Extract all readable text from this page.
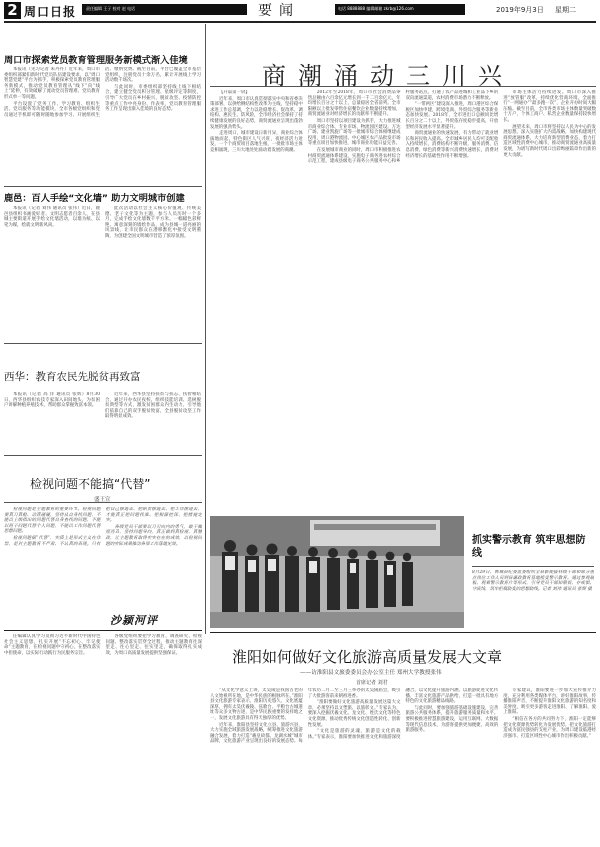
2 周口日报 责任编辑 王子 校对 赵 电话	要闻	电话 8888888 编辑邮箱 zkrb@126.com	2019年9月3日 星期二
周口市探索党员教育管理服务新模式渐入佳境

本报讯（见习记者 朱丹丹）近年来，周口市委组织部紧扣新时代党员队伍建设要求，以“周口智慧党建”平台为抓手，积极探索党员教育管理服务新模式，推动党员教育管理从“线下”向“线上”延伸，有效破解了流动党员管理难、党员教育形式单一等问题。

平台设置了党务工作、学习教育、组织生活、党员服务等功能模块，全市各级党组织和党员通过手机即可随时随地参加学习、开展组织生活、缴纳党费。截至目前，平台已覆盖全市基层党组织，注册党员十余万名，累计开展线上学习活动数千场次。

与此同时，市委组织部坚持线上线下相结合，建立健全党员积分管理、星级评定等制度，引导广大党员在乡村振兴、脱贫攻坚、疫情防控等重点工作中亮身份、作表率，党员教育管理服务工作呈现出渐入佳境的良好态势。

鹿邑：百人手绘“文化墙” 助力文明城市创建

本报讯（记者 刘伟 通讯员 张伟）近日，鹿邑县组织书画爱好者、文明志愿者百余人，在县城主要街道开展手绘文化墙活动，以墙为纸、以笔为媒，绘就文明新风尚。

此次活动以社会主义核心价值观、传统美德、老子文化等为主题，参与人员历时一个多月，完成手绘文化墙数千平方米。一幅幅色彩鲜艳、寓意深刻的墙绘作品，成为县城一道亮丽的风景线，让市民群众在潜移默化中接受文明熏陶，为创建全国文明城市营造了浓厚氛围。

西华：教育农民先脱贫再致富

本报讯（记者 高 洋 通讯员 张辉）8月30日，西华县组织农技专家深入田间地头，为贫困户讲解种植养殖技术，帮助群众掌握致富本领。

近年来，西华县坚持扶贫与扶志、扶智相结合，通过开办农民夜校、组织技能培训、选树脱贫典型等方式，激发贫困群众内生动力，引导他们依靠自己的双手脱贫致富，全县脱贫攻坚工作取得明显成效。

检视问题不能搞“代替”
盛王宣

检视问题是主题教育的重要环节。检视问题要真刀真枪、动真碰硬，坚持从自身找问题，不能以上级指出的问题代替自身查找的问题，不能以班子问题代替个人问题，不能以工作问题代替思想问题。

检视问题搞“代替”，实质上是形式主义在作祟，是对主题教育不严肃、不认真的表现。只有把自己摆进去、把职责摆进去、把工作摆进去，才能真正把问题找准、把根源挖深、把措施定实。

各级党员干部要以刀刃向内的勇气，敢于揭短亮丑，坚持问题导向，真正做到真检视、真整改，让主题教育取得实实在在的成效，以检视问题的实际成果推动各项工作落地见效。

沙颍河评

任编辑认真学习贯彻习近平新时代中国特色社会主义思想，扎实开展“不忘初心、牢记使命”主题教育，在检视问题中守初心，在整改落实中担使命，以实际行动践行为民服务宗旨。

各级党组织要把学习教育、调查研究、检视问题、整改落实贯穿全过程，推动主题教育往深里走、往心里走、往实里走，确保取得扎实成效，为周口高质量发展提供坚强保证。

商潮涌动三川兴

【开篇第一屏】

近年来，周口市认真贯彻落实中央和省委决策部署，以供给侧结构性改革为主线，坚持稳中求进工作总基调，全力以赴稳增长、促改革、调结构、惠民生、防风险，全市经济社会保持了持续健康发展的良好态势，商贸流通业呈现出蓬勃发展的强劲势头。

走进周口，城市建设日新月异，商业综合体拔地而起，特色街区人气兴旺，夜经济活力迸发，一个个商贸项目落地生根，一批批市场主体竞相涌现，三川大地处处涌动着发展的商潮。

2012年至2018年，周口市社会消费品零售总额由六百余亿元增长到一千二百余亿元，年均增长百分之十以上，总量稳居全省前列。全市限额以上批发零售住宿餐饮企业数量持续增加，商贸流通业对经济增长的贡献率不断提升。

周口市坚持以项目建设为抓手，大力推进城市商业综合体、专业市场、物流园区建设。万达广场、建业凯旋广场等一批城市综合体相继建成投用，周口港物流园、中心城区农产品批发市场等重点项目加快推进，城市商业功能日益完善。

在发展城市商业的同时，周口市积极推进农村商贸流通体系建设，实施电子商务进农村综合示范工程，建成县级电子商务公共服务中心和乡村服务站点，打通了农产品进城和工业品下乡的双向流通渠道，农村消费市场潜力不断释放。

“一带两区”建设深入推进，周口港区综合保税区加快申建，跨境电商、外贸综合服务等新业态加快发展。2018年，全市进出口总额同比增长百分之二十以上，外贸依存度稳步提高，开放型经济发展水平显著提升。

商贸流通业的快速发展，有力带动了就业增长和居民收入提高。全市城乡居民人均可支配收入持续增长，消费结构不断升级，服务消费、信息消费、绿色消费等新兴消费快速增长，消费对经济增长的基础性作用不断增强。

市场主体活力持续迸发。周口市深入推进“放管服”改革，持续优化营商环境，全面推行“一网通办”“最多跑一次”，企业开办时间大幅压缩。截至目前，全市各类市场主体数量突破数十万户，个体工商户、私营企业数量保持较快增长。

展望未来，周口市将坚持以人民为中心的发展思想，深入实施扩大内需战略，加快构建现代商贸流通体系，大力培育新型消费业态，着力打造区域性消费中心城市，推动商贸流通业高质量发展，为谱写新时代周口出彩绚丽篇章作出新的更大贡献。

抓实警示教育 筑牢思想防线
8月29日，郸城县纪委监委组织全县新提拔科级干部和部分重点岗位工作人员到县廉政教育基地接受警示教育。通过参观展板、观看警示教育片等形式，引导党员干部知敬畏、存戒惧、守底线，筑牢拒腐防变的思想防线。记者 刘伟 通讯员 张辉 摄
淮阳如何做好文化旅游高质量发展大文章
——访淮阳县文旅委委员会办公室主任 郑州大学教授张伟
首席记者 刘君

“从文化学意义上讲，太昊陵是我国古老的人文始祖所在地，是中华民族的根脉所在。”淮阳县文化旅游专家表示，淮阳历史悠久、文化底蕴深厚，拥有太昊伏羲陵、弦歌台、平粮台古城遗址等众多文物古迹，是中华民族重要的发祥地之一，发展文化旅游具有得天独厚的优势。

近年来，淮阳县坚持文化立县、旅游兴县，大力实施全域旅游发展战略，统筹推进文化旅游融合发展，着力打造“羲皇故都、龙湖水城”城市品牌，文化旅游产业呈现出良好的发展态势。每年农历二月二至三月三举办的太昊陵庙会，吸引了大批游客前来朝祖进香。

“淮阳要做好文化旅游高质量发展这篇大文章，必须坚持以文塑旅、以旅彰文。”专家认为，要深入挖掘伏羲文化、龙文化、姓氏文化等特色文化资源，推动优秀传统文化创造性转化、创新性发展。

“文化是旅游的灵魂，旅游是文化的载体。”专家表示，淮阳要加快推进文化和旅游深度融合，以文化提升旅游内涵，以旅游促进文化传播，丰富文化旅游产品供给，打造一批具有地方特色的文化旅游精品线路。

与此同时，要加强旅游基础设施建设，完善旅游公共服务体系，提升旅游服务质量和水平。要积极推进智慧旅游建设，运用互联网、大数据等现代信息技术，为游客提供更加便捷、高效的旅游服务。

专家建议，淮阳要进一步加大宣传推介力度，充分利用各类媒体平台，讲好淮阳故事，传播淮阳声音，不断提升淮阳文化旅游的知名度和美誉度，吸引更多游客走进淮阳、了解淮阳、爱上淮阳。

“相信在各方的共同努力下，淮阳一定能够把文化资源优势转化为发展优势，把文化旅游打造成为富民强县的支柱产业，为周口建设临港经济强市、打造区域性中心城市作出积极贡献。”
